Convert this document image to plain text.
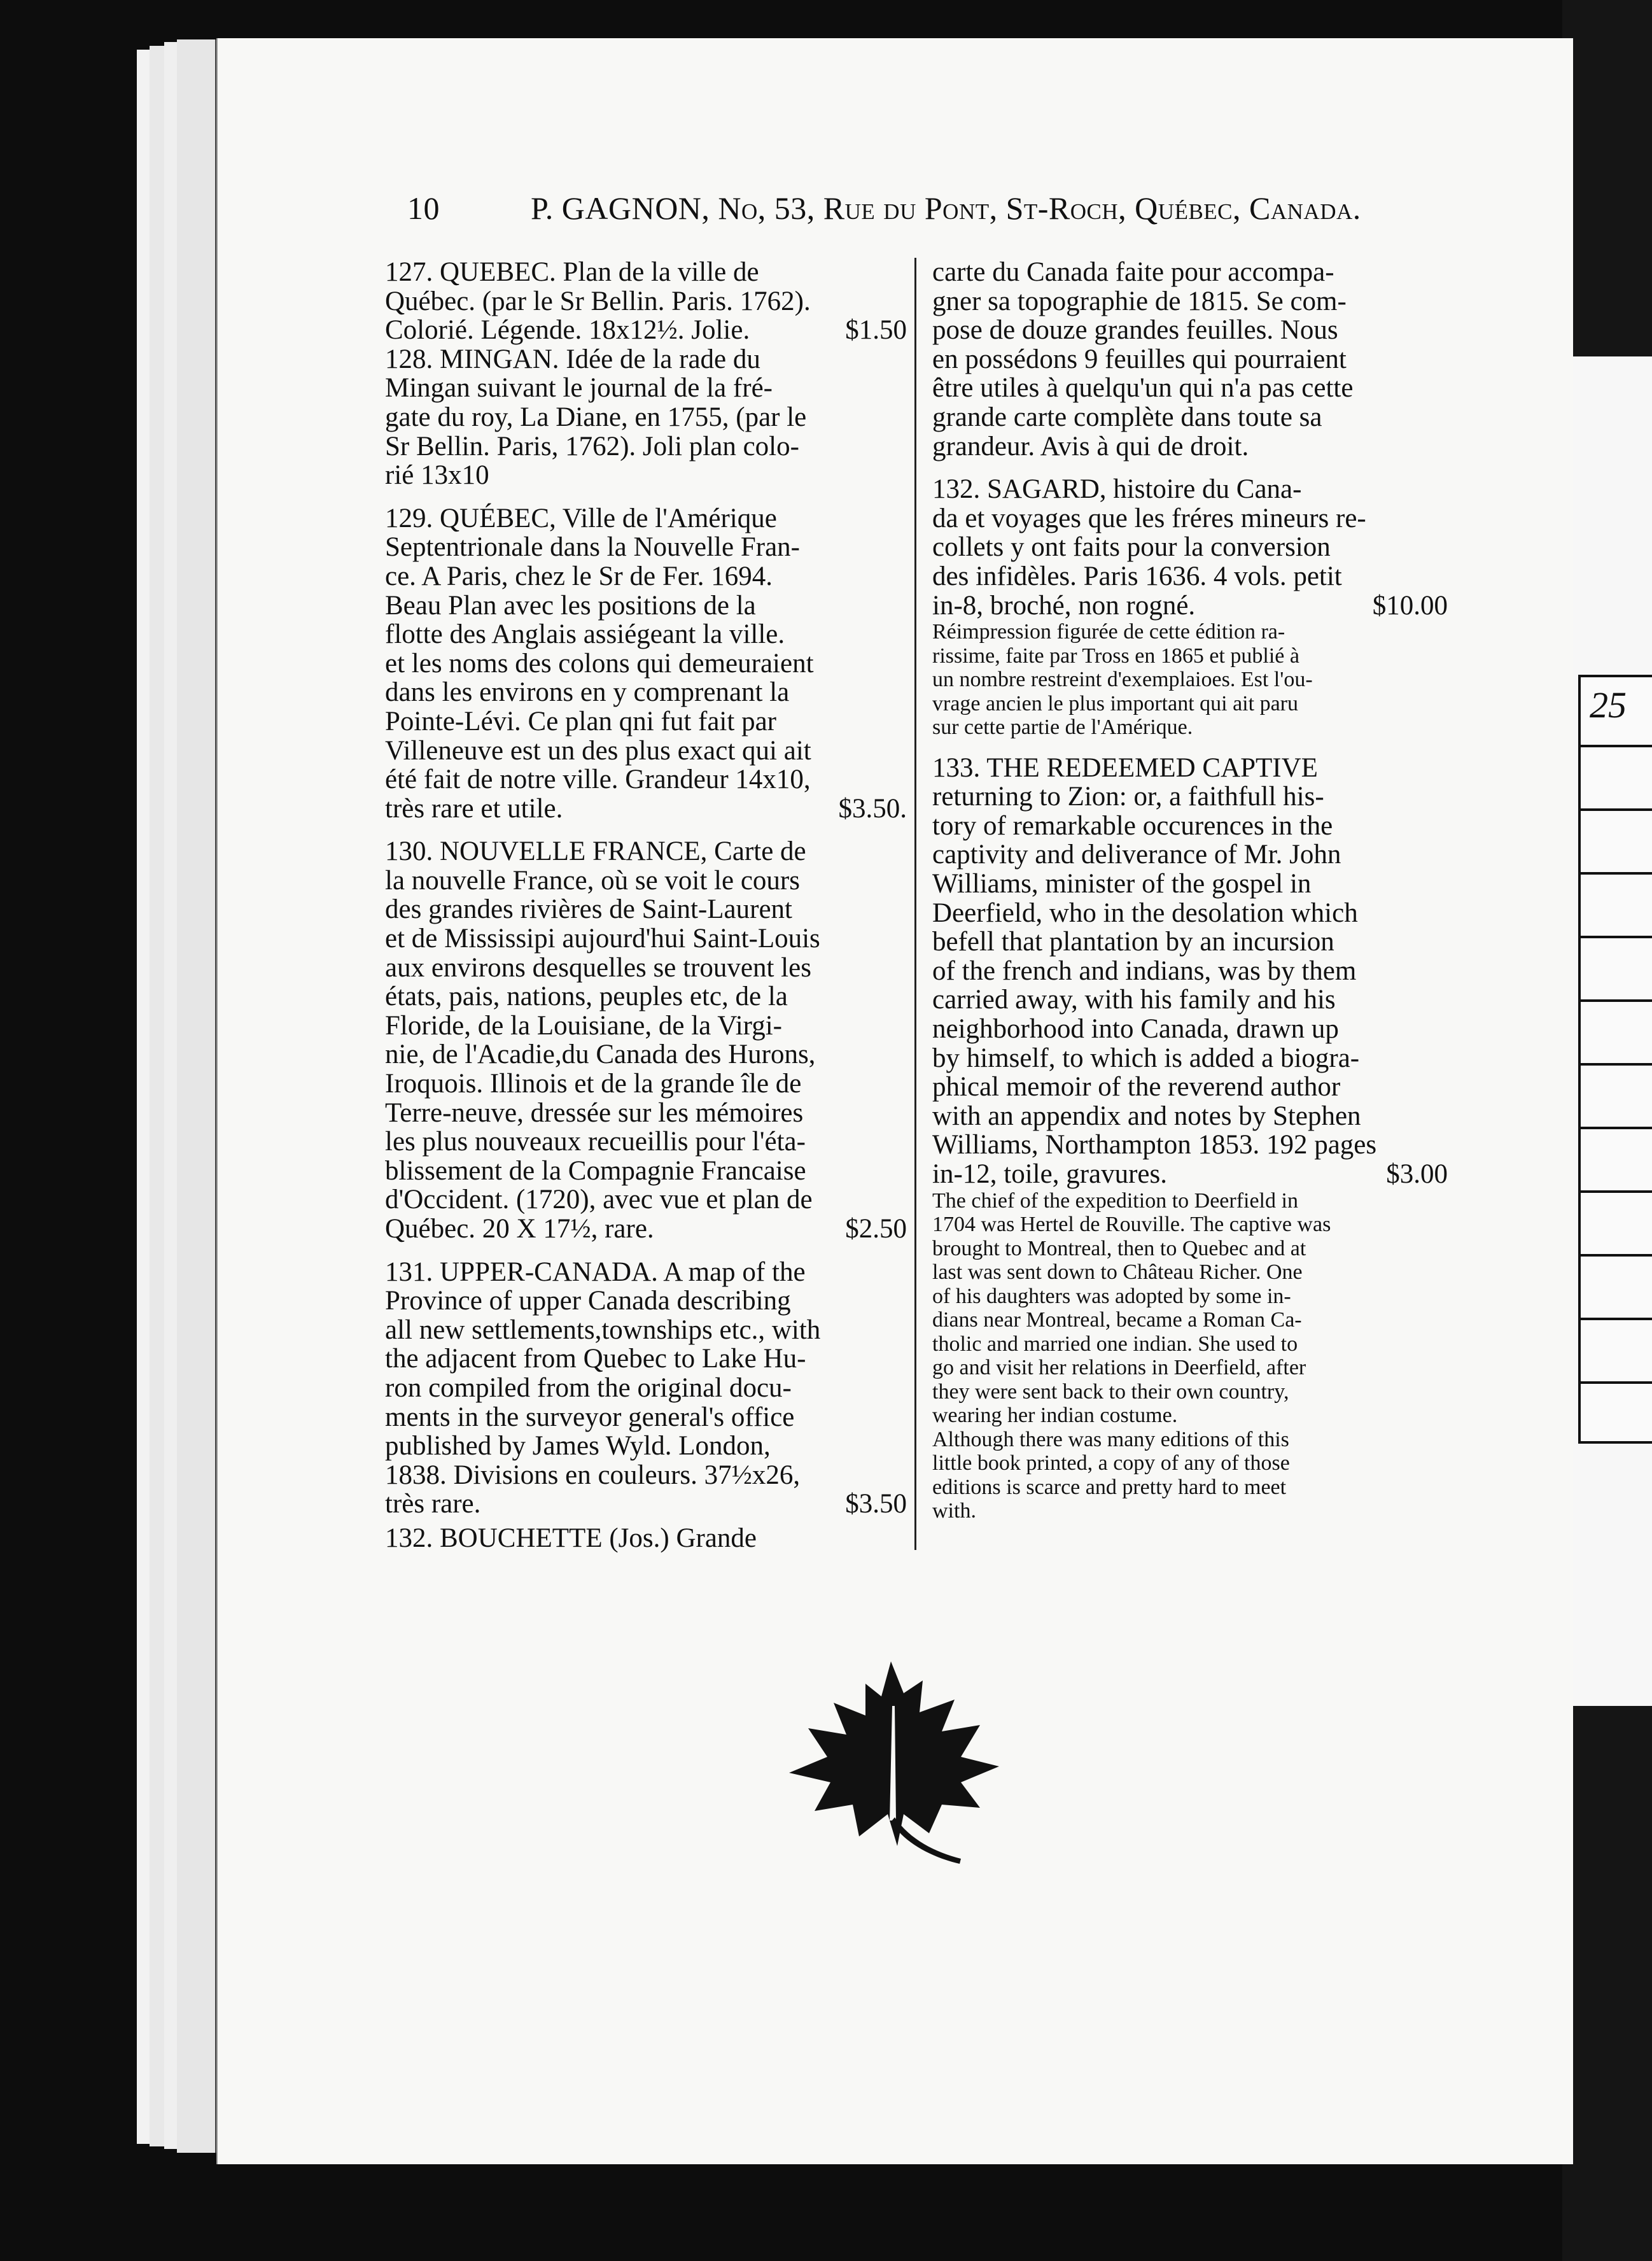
25
10	P. GAGNON, No, 53, Rue du Pont, St-Roch, Québec, Canada.

127. QUEBEC. Plan de la ville de

Québec. (par le Sr Bellin. Paris. 1762).

Colorié. Légende. 18x12½. Jolie.	$1.50

128. MINGAN. Idée de la rade du

Mingan suivant le journal de la fré-

gate du roy, La Diane, en 1755, (par le

Sr Bellin. Paris, 1762). Joli plan colo-

rié 13x10

129. QUÉBEC, Ville de l'Amérique

Septentrionale dans la Nouvelle Fran-

ce. A Paris, chez le Sr de Fer. 1694.

Beau Plan avec les positions de la

flotte des Anglais assiégeant la ville.

et les noms des colons qui demeuraient

dans les environs en y comprenant la

Pointe-Lévi. Ce plan qni fut fait par

Villeneuve est un des plus exact qui ait

été fait de notre ville. Grandeur 14x10,

très rare et utile.	$3.50.

130. NOUVELLE FRANCE, Carte de

la nouvelle France, où se voit le cours

des grandes rivières de Saint-Laurent

et de Mississipi aujourd'hui Saint-Louis

aux environs desquelles se trouvent les

états, pais, nations, peuples etc, de la

Floride, de la Louisiane, de la Virgi-

nie, de l'Acadie,du Canada des Hurons,

Iroquois. Illinois et de la grande île de

Terre-neuve, dressée sur les mémoires

les plus nouveaux recueillis pour l'éta-

blissement de la Compagnie Francaise

d'Occident. (1720), avec vue et plan de

Québec. 20 X 17½, rare.	$2.50

131. UPPER-CANADA. A map of the

Province of upper Canada describing

all new settlements,townships etc., with

the adjacent from Quebec to Lake Hu-

ron compiled from the original docu-

ments in the surveyor general's office

published by James Wyld. London,

1838. Divisions en couleurs. 37½x26,

très rare.	$3.50

132. BOUCHETTE (Jos.) Grande

carte du Canada faite pour accompa-

gner sa topographie de 1815. Se com-

pose de douze grandes feuilles. Nous

en possédons 9 feuilles qui pourraient

être utiles à quelqu'un qui n'a pas cette

grande carte complète dans toute sa

grandeur. Avis à qui de droit.

132. SAGARD, histoire du Cana-

da et voyages que les fréres mineurs re-

collets y ont faits pour la conversion

des infidèles. Paris 1636. 4 vols. petit

in-8, broché, non rogné.	$10.00

Réimpression figurée de cette édition ra-

rissime, faite par Tross en 1865 et publié à

un nombre restreint d'exemplaioes. Est l'ou-

vrage ancien le plus important qui ait paru

sur cette partie de l'Amérique.

133. THE REDEEMED CAPTIVE

returning to Zion: or, a faithfull his-

tory of remarkable occurences in the

captivity and deliverance of Mr. John

Williams, minister of the gospel in

Deerfield, who in the desolation which

befell that plantation by an incursion

of the french and indians, was by them

carried away, with his family and his

neighborhood into Canada, drawn up

by himself, to which is added a biogra-

phical memoir of the reverend author

with an appendix and notes by Stephen

Williams, Northampton 1853. 192 pages

in-12, toile, gravures.	$3.00

The chief of the expedition to Deerfield in

1704 was Hertel de Rouville. The captive was

brought to Montreal, then to Quebec and at

last was sent down to Château Richer. One

of his daughters was adopted by some in-

dians near Montreal, became a Roman Ca-

tholic and married one indian. She used to

go and visit her relations in Deerfield, after

they were sent back to their own country,

wearing her indian costume.

Although there was many editions of this

little book printed, a copy of any of those

editions is scarce and pretty hard to meet

with.
